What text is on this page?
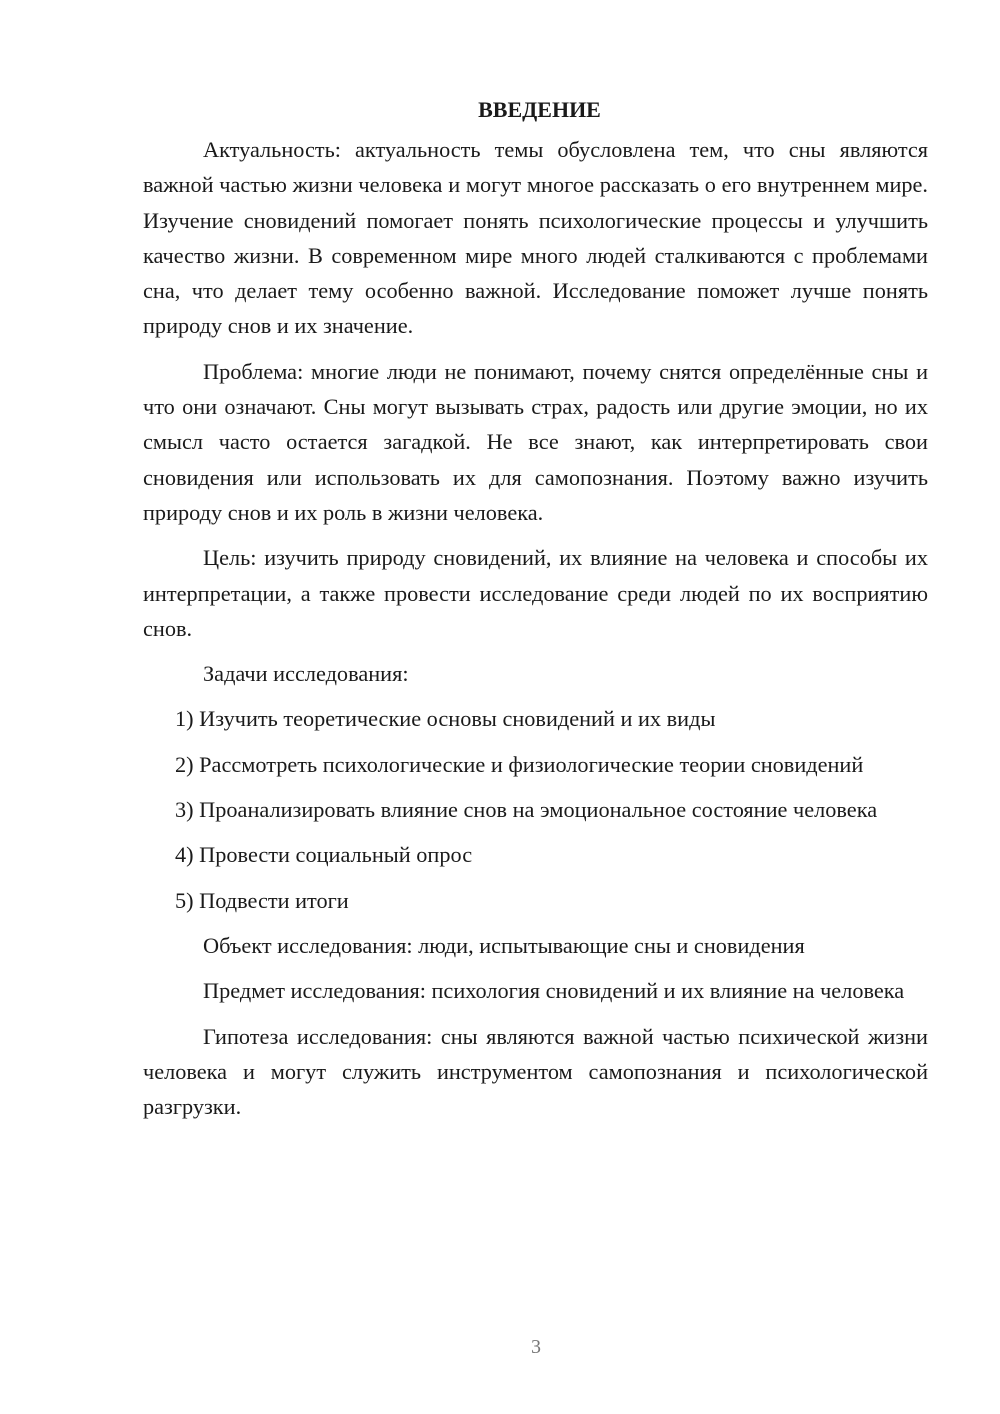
ВВЕДЕНИЕ

Актуальность: актуальность темы обусловлена тем, что сны являются важной частью жизни человека и могут многое рассказать о его внутреннем мире. Изучение сновидений помогает понять психологические процессы и улучшить качество жизни. В современном мире много людей сталкиваются с проблемами сна, что делает тему особенно важной. Исследование поможет лучше понять природу снов и их значение.

Проблема: многие люди не понимают, почему снятся определённые сны и что они означают. Сны могут вызывать страх, радость или другие эмоции, но их смысл часто остается загадкой. Не все знают, как интерпретировать свои сновидения или использовать их для самопознания. Поэтому важно изучить природу снов и их роль в жизни человека.

Цель: изучить природу сновидений, их влияние на человека и способы их интерпретации, а также провести исследование среди людей по их восприятию снов.

Задачи исследования:

1) Изучить теоретические основы сновидений и их виды

2) Рассмотреть психологические и физиологические теории сновидений

3) Проанализировать влияние снов на эмоциональное состояние человека

4) Провести социальный опрос

5) Подвести итоги

Объект исследования: люди, испытывающие сны и сновидения

Предмет исследования: психология сновидений и их влияние на человека

Гипотеза исследования: сны являются важной частью психической жизни человека и могут служить инструментом самопознания и психологической разгрузки.

3
